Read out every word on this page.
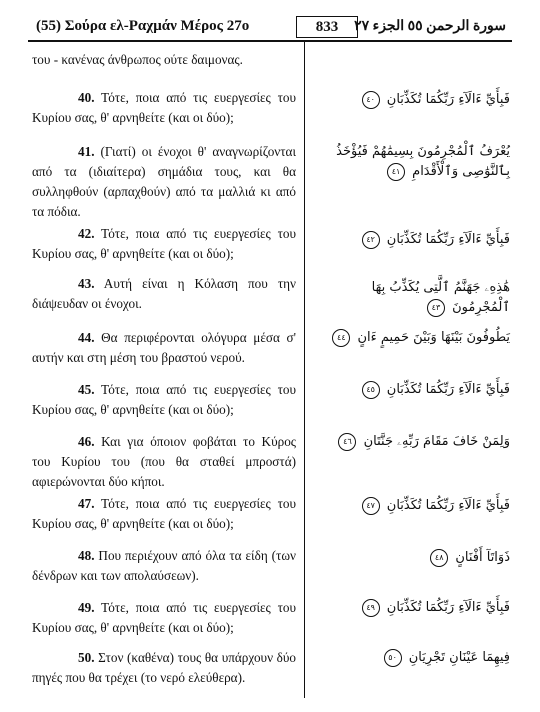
(55) Σούρα ελ-Ραχμάν Μέρος 27ο	833	سورة الرحمن ٥٥ الجزء ٢٧
του - κανένας άνθρωπος ούτε δαιμονας.
40. Τότε, ποια από τις ευεργεσίες του Κυρίου σας, θ' αρνηθείτε (και οι δύο);
41. (Γιατί) οι ένοχοι θ' αναγνωρίζονται από τα (ιδιαίτερα) σημάδια τους, και θα συλληφθούν (αρπαχθούν) από τα μαλλιά κι από τα πόδια.
42. Τότε, ποια από τις ευεργεσίες του Κυρίου σας, θ' αρνηθείτε (και οι δύο);
43. Αυτή είναι η Κόλαση που την διάψευδαν οι ένοχοι.
44. Θα περιφέρονται ολόγυρα μέσα σ' αυτήν και στη μέση του βραστού νερού.
45. Τότε, ποια από τις ευεργεσίες του Κυρίου σας, θ' αρνηθείτε (και οι δύο);
46. Και για όποιον φοβάται το Κύρος του Κυρίου του (που θα σταθεί μπροστά) αφιερώνονται δύο κήποι.
47. Τότε, ποια από τις ευεργεσίες του Κυρίου σας, θ' αρνηθείτε (και οι δύο);
48. Που περιέχουν από όλα τα είδη (των δένδρων και των απολαύσεων).
49. Τότε, ποια από τις ευεργεσίες του Κυρίου σας, θ' αρνηθείτε (και οι δύο);
50. Στον (καθένα) τους θα υπάρχουν δύο πηγές που θα τρέχει (το νερό ελεύθερα).
فَبِأَيِّ ءَالَآءِ رَبِّكُمَا تُكَذِّبَانِ ٤٠
يُعْرَفُ ٱلْمُجْرِمُونَ بِسِيمَٰهُمْ فَيُؤْخَذُ بِٱلنَّوَٰصِى وَٱلْأَقْدَامِ ٤١
فَبِأَيِّ ءَالَآءِ رَبِّكُمَا تُكَذِّبَانِ ٤٢
هَٰذِهِۦ جَهَنَّمُ ٱلَّتِى يُكَذِّبُ بِهَا ٱلْمُجْرِمُونَ ٤٣
يَطُوفُونَ بَيْنَهَا وَبَيْنَ حَمِيمٍ ءَانٍ ٤٤
فَبِأَيِّ ءَالَآءِ رَبِّكُمَا تُكَذِّبَانِ ٤٥
وَلِمَنْ خَافَ مَقَامَ رَبِّهِۦ جَنَّتَانِ ٤٦
فَبِأَيِّ ءَالَآءِ رَبِّكُمَا تُكَذِّبَانِ ٤٧
ذَوَاتَآ أَفْنَانٍ ٤٨
فَبِأَيِّ ءَالَآءِ رَبِّكُمَا تُكَذِّبَانِ ٤٩
فِيهِمَا عَيْنَانِ تَجْرِيَانِ ٥٠
